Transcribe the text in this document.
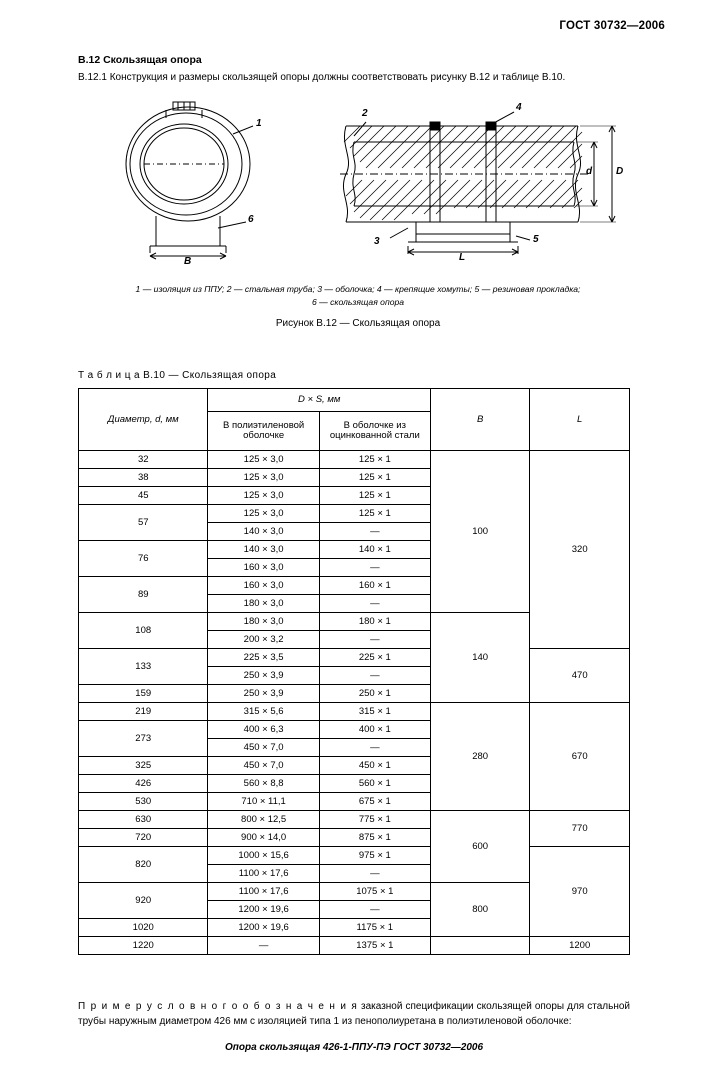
ГОСТ 30732—2006
В.12 Скользящая опора
В.12.1 Конструкция и размеры скользящей опоры должны соответствовать рисунку В.12 и таблице В.10.
1
2
3
4
5
6
B	L
d D
1 — изоляция из ППУ; 2 — стальная труба; 3 — оболочка; 4 — крепящие хомуты; 5 — резиновая прокладка;
6 — скользящая опора
Рисунок В.12 — Скользящая опора
Т а б л и ц а В.10 — Скользящая опора
Диаметр, d, мм	D × S, мм		B	L
	В полиэтиленовой оболочке	В оболочке из оцинкованной стали		
32	125 × 3,0	125 × 1	100	320
38	125 × 3,0	125 × 1		
45	125 × 3,0	125 × 1		
57	125 × 3,0	125 × 1		
	140 × 3,0	—		
76	140 × 3,0	140 × 1		
	160 × 3,0	—		
89	160 × 3,0	160 × 1		
	180 × 3,0	—		
108	180 × 3,0	180 × 1	140	
	200 × 3,2	—		
133	225 × 3,5	225 × 1		470
	250 × 3,9	—		
159	250 × 3,9	250 × 1		
219	315 × 5,6	315 × 1	280	670
273	400 × 6,3	400 × 1		
	450 × 7,0	—		
325	450 × 7,0	450 × 1		
426	560 × 8,8	560 × 1		
530	710 × 11,1	675 × 1		
630	800 × 12,5	775 × 1	600	770
720	900 × 14,0	875 × 1		
820	1000 × 15,6	975 × 1		970
	1100 × 17,6	—		
920	1100 × 17,6	1075 × 1	800	
	1200 × 19,6	—		
1020	1200 × 19,6	1175 × 1		
1220	—	1375 × 1		1200
П р и м е р у с л о в н о г о о б о з н а ч е н и я заказной спецификации скользящей опоры для стальной трубы наружным диаметром 426 мм с изоляцией типа 1 из пенополиуретана в полиэтиленовой оболочке:
Опора скользящая 426-1-ППУ-ПЭ ГОСТ 30732—2006
